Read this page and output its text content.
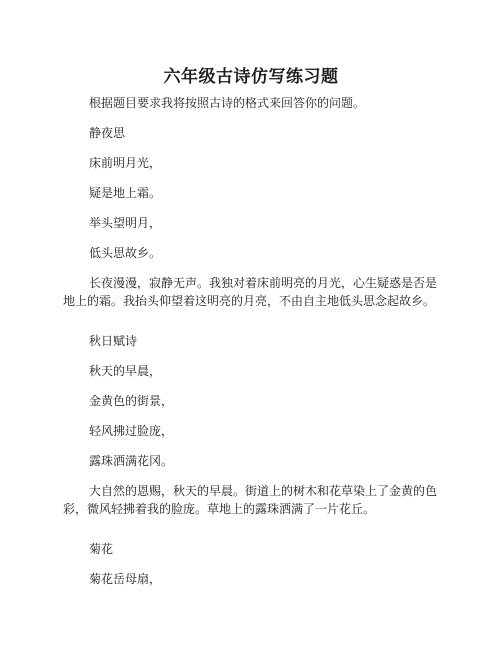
六年级古诗仿写练习题

根据题目要求我将按照古诗的格式来回答你的问题。

静夜思

床前明月光，

疑是地上霜。

举头望明月，

低头思故乡。

长夜漫漫，寂静无声。我独对着床前明亮的月光，心生疑惑是否是地上的霜。我抬头仰望着这明亮的月亮，不由自主地低头思念起故乡。

秋日赋诗

秋天的早晨，

金黄色的街景，

轻风拂过脸庞，

露珠洒满花冈。

大自然的恩赐，秋天的早晨。街道上的树木和花草染上了金黄的色彩，微风轻拂着我的脸庞。草地上的露珠洒满了一片花丘。

菊花

菊花岳母扇，
